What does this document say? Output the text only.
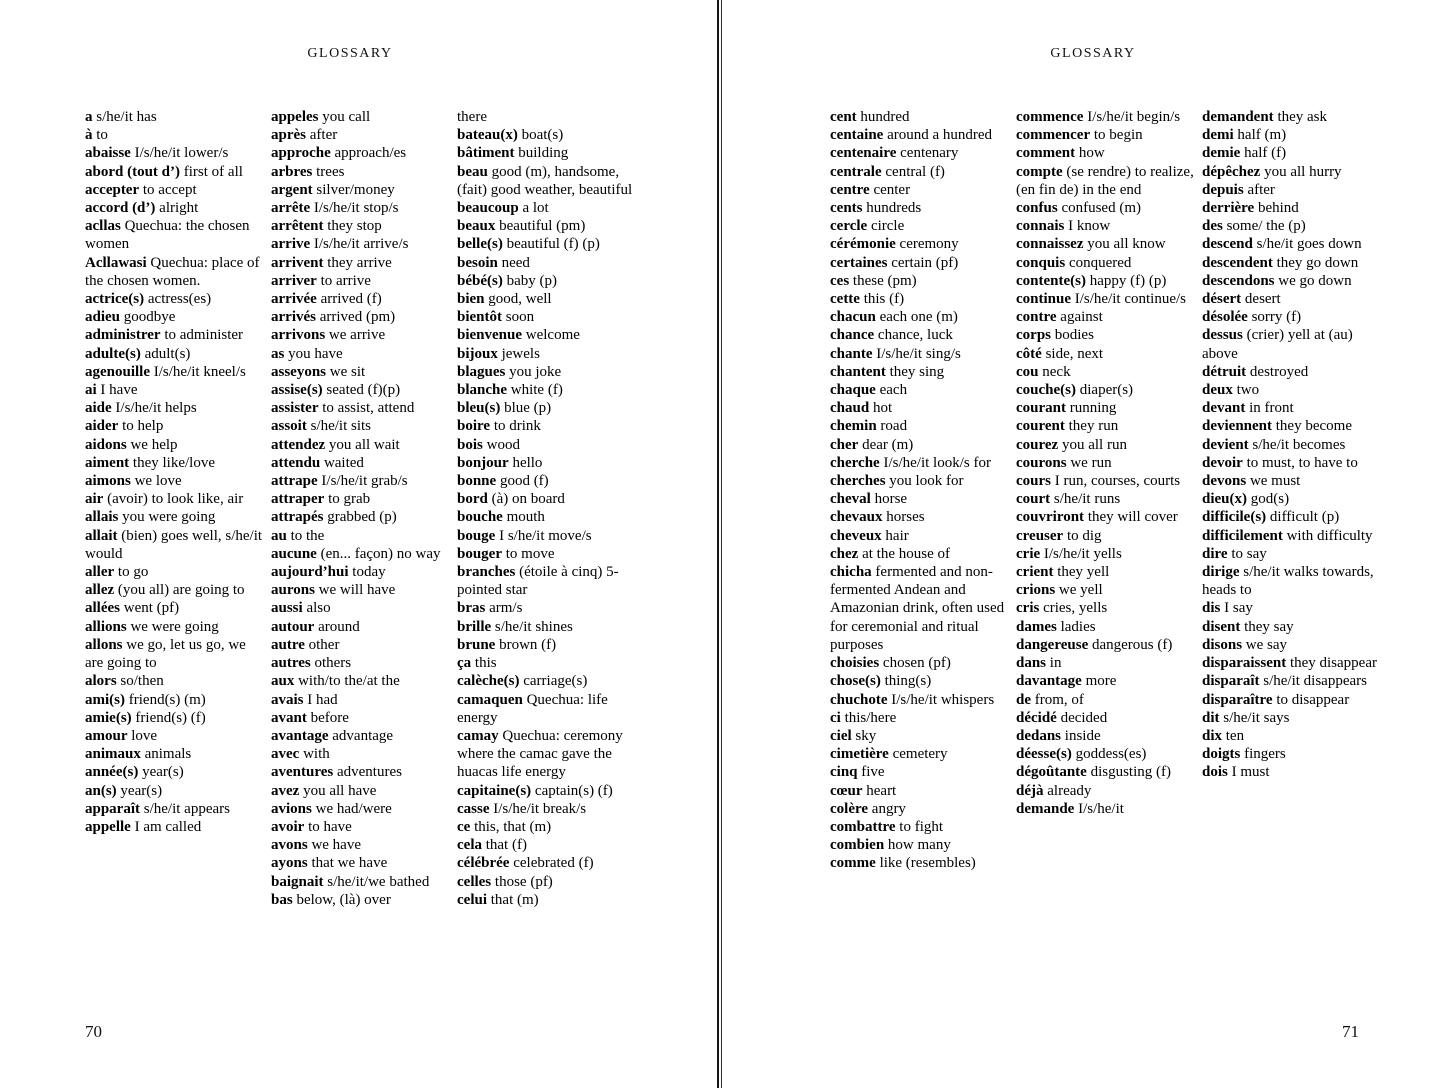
GLOSSARY
a s/he/it has
à to
abaisse I/s/he/it lower/s
abord (tout d’) first of all
accepter to accept
accord (d’) alright
acllas Quechua: the chosen women
Acllawasi Quechua: place of the chosen women.
actrice(s) actress(es)
adieu goodbye
administrer to administer
adulte(s) adult(s)
agenouille I/s/he/it kneel/s
ai I have
aide I/s/he/it helps
aider to help
aidons we help
aiment they like/love
aimons we love
air (avoir) to look like, air
allais you were going
allait (bien) goes well, s/he/it would
aller to go
allez (you all) are going to
allées went (pf)
allions we were going
allons we go, let us go, we are going to
alors so/then
ami(s) friend(s) (m)
amie(s) friend(s) (f)
amour love
animaux animals
année(s) year(s)
an(s) year(s)
apparaît s/he/it appears
appelle I am called
appeles you call
après after
approche approach/es
arbres trees
argent silver/money
arrête I/s/he/it stop/s
arrêtent they stop
arrive I/s/he/it arrive/s
arrivent they arrive
arriver to arrive
arrivée arrived (f)
arrivés arrived (pm)
arrivons we arrive
as you have
asseyons we sit
assise(s) seated (f)(p)
assister to assist, attend
assoit s/he/it sits
attendez you all wait
attendu waited
attrape I/s/he/it grab/s
attraper to grab
attrapés grabbed (p)
au to the
aucune (en... façon) no way
aujourd’hui today
aurons we will have
aussi also
autour around
autre other
autres others
aux with/to the/at the
avais I had
avant before
avantage advantage
avec with
aventures adventures
avez you all have
avions we had/were
avoir to have
avons we have
ayons that we have
baignait s/he/it/we bathed
bas below, (là) over
there
bateau(x) boat(s)
bâtiment building
beau good (m), handsome, (fait) good weather, beautiful
beaucoup a lot
beaux beautiful (pm)
belle(s) beautiful (f) (p)
besoin need
bébé(s) baby (p)
bien good, well
bientôt soon
bienvenue welcome
bijoux jewels
blagues you joke
blanche white (f)
bleu(s) blue (p)
boire to drink
bois wood
bonjour hello
bonne good (f)
bord (à) on board
bouche mouth
bouge I s/he/it move/s
bouger to move
branches (étoile à cinq) 5-pointed star
bras arm/s
brille s/he/it shines
brune brown (f)
ça this
calèche(s) carriage(s)
camaquen Quechua: life energy
camay Quechua: ceremony where the camac gave the huacas life energy
capitaine(s) captain(s) (f)
casse I/s/he/it break/s
ce this, that (m)
cela that (f)
célébrée celebrated (f)
celles those (pf)
celui that (m)
70
GLOSSARY
cent hundred
centaine around a hundred
centenaire centenary
centrale central (f)
centre center
cents hundreds
cercle circle
cérémonie ceremony
certaines certain (pf)
ces these (pm)
cette this (f)
chacun each one (m)
chance chance, luck
chante I/s/he/it sing/s
chantent they sing
chaque each
chaud hot
chemin road
cher dear (m)
cherche I/s/he/it look/s for
cherches you look for
cheval horse
chevaux horses
cheveux hair
chez at the house of
chicha fermented and non-fermented Andean and Amazonian drink, often used for ceremonial and ritual purposes
choisies chosen (pf)
chose(s) thing(s)
chuchote I/s/he/it whispers
ci this/here
ciel sky
cimetière cemetery
cinq five
cœur heart
colère angry
combattre to fight
combien how many
comme like (resembles)
commence I/s/he/it begin/s
commencer to begin
comment how
compte (se rendre) to realize, (en fin de) in the end
confus confused (m)
connais I know
connaissez you all know
conquis conquered
contente(s) happy (f) (p)
continue I/s/he/it continue/s
contre against
corps bodies
côté side, next
cou neck
couche(s) diaper(s)
courant running
courent they run
courez you all run
courons we run
cours I run, courses, courts
court s/he/it runs
couvriront they will cover
creuser to dig
crie I/s/he/it yells
crient they yell
crions we yell
cris cries, yells
dames ladies
dangereuse dangerous (f)
dans in
davantage more
de from, of
décidé decided
dedans inside
déesse(s) goddess(es)
dégoûtante disgusting (f)
déjà already
demande I/s/he/it
demandent they ask
demi half (m)
demie half (f)
dépêchez you all hurry
depuis after
derrière behind
des some/ the (p)
descend s/he/it goes down
descendent they go down
descendons we go down
désert desert
désolée sorry (f)
dessus (crier) yell at (au) above
détruit destroyed
deux two
devant in front
deviennent they become
devient s/he/it becomes
devoir to must, to have to
devons we must
dieu(x) god(s)
difficile(s) difficult (p)
difficilement with difficulty
dire to say
dirige s/he/it walks towards, heads to
dis I say
disent they say
disons we say
disparaissent they disappear
disparaît s/he/it disappears
disparaître to disappear
dit s/he/it says
dix ten
doigts fingers
dois I must
71
